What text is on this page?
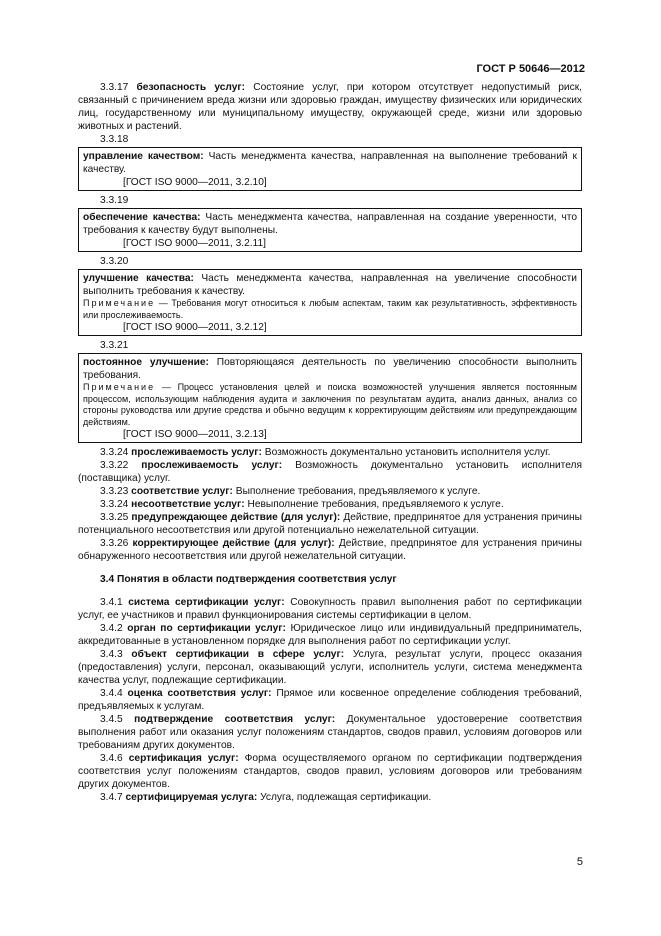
ГОСТ Р 50646—2012

3.3.17 безопасность услуг: Состояние услуг, при котором отсутствует недопустимый риск, связанный с причинением вреда жизни или здоровью граждан, имуществу физических или юридических лиц, государственному или муниципальному имуществу, окружающей среде, жизни или здоровью животных и растений.

3.3.18

управление качеством: Часть менеджмента качества, направленная на выполнение требований к качеству.

[ГОСТ ISO 9000—2011, 3.2.10]

3.3.19

обеспечение качества: Часть менеджмента качества, направленная на создание уверенности, что требования к качеству будут выполнены.

[ГОСТ ISO 9000—2011, 3.2.11]

3.3.20

улучшение качества: Часть менеджмента качества, направленная на увеличение способности выполнить требования к качеству.

Примечание — Требования могут относиться к любым аспектам, таким как результативность, эффективность или прослеживаемость.

[ГОСТ ISO 9000—2011, 3.2.12]

3.3.21

постоянное улучшение: Повторяющаяся деятельность по увеличению способности выполнить требования.

Примечание — Процесс установления целей и поиска возможностей улучшения является постоянным процессом, использующим наблюдения аудита и заключения по результатам аудита, анализ данных, анализ со стороны руководства или другие средства и обычно ведущим к корректирующим действиям или предупреждающим действиям.

[ГОСТ ISO 9000—2011, 3.2.13]

3.3.24 прослеживаемость услуг: Возможность документально установить исполнителя услуг.

3.3.22 прослеживаемость услуг: Возможность документально установить исполнителя (поставщика) услуг.

3.3.23 соответствие услуг: Выполнение требования, предъявляемого к услуге.

3.3.24 несоответствие услуг: Невыполнение требования, предъявляемого к услуге.

3.3.25 предупреждающее действие (для услуг): Действие, предпринятое для устранения причины потенциального несоответствия или другой потенциально нежелательной ситуации.

3.3.26 корректирующее действие (для услуг): Действие, предпринятое для устранения причины обнаруженного несоответствия или другой нежелательной ситуации.

3.4 Понятия в области подтверждения соответствия услуг

3.4.1 система сертификации услуг: Совокупность правил выполнения работ по сертификации услуг, ее участников и правил функционирования системы сертификации в целом.

3.4.2 орган по сертификации услуг: Юридическое лицо или индивидуальный предприниматель, аккредитованные в установленном порядке для выполнения работ по сертификации услуг.

3.4.3 объект сертификации в сфере услуг: Услуга, результат услуги, процесс оказания (предоставления) услуги, персонал, оказывающий услуги, исполнитель услуги, система менеджмента качества услуг, подлежащие сертификации.

3.4.4 оценка соответствия услуг: Прямое или косвенное определение соблюдения требований, предъявляемых к услугам.

3.4.5 подтверждение соответствия услуг: Документальное удостоверение соответствия выполнения работ или оказания услуг положениям стандартов, сводов правил, условиям договоров или требованиям других документов.

3.4.6 сертификация услуг: Форма осуществляемого органом по сертификации подтверждения соответствия услуг положениям стандартов, сводов правил, условиям договоров или требованиям других документов.

3.4.7 сертифицируемая услуга: Услуга, подлежащая сертификации.

5
